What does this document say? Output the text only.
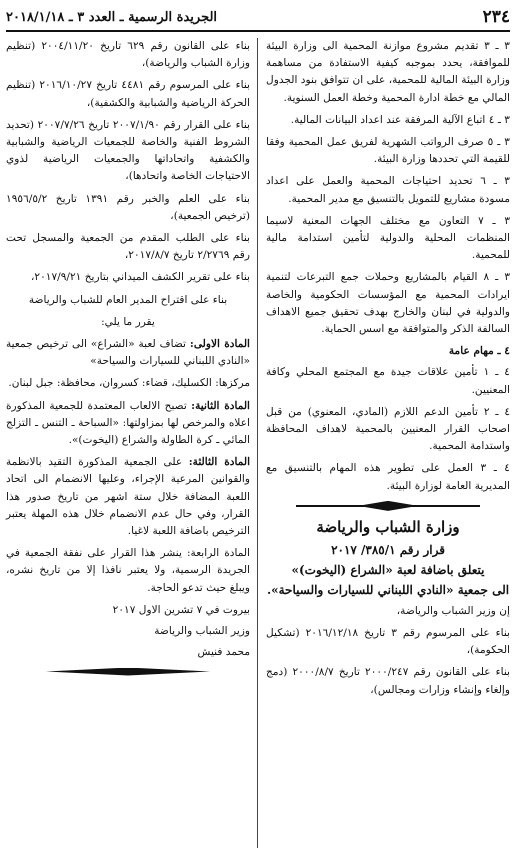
٢٣٤
الجريدة الرسمية ـ العدد ٣ ـ ٢٠١٨/١/١٨

٣ ـ ٣ تقديم مشروع موازنة المحمية الى وزارة البيئة للموافقة، يحدد بموجبه كيفية الاستفادة من مساهمة وزارة البيئة المالية للمحمية، على ان تتوافق بنود الجدول المالي مع خطة ادارة المحمية وخطة العمل السنوية.

٣ ـ ٤ اتباع الآلية المرفقة عند اعداد البيانات المالية.

٣ ـ ٥ صرف الرواتب الشهرية لفريق عمل المحمية وفقا للقيمة التي تحددها وزارة البيئة.

٣ ـ ٦ تحديد احتياجات المحمية والعمل على اعداد مسودة مشاريع للتمويل بالتنسيق مع مدير المحمية.

٣ ـ ٧ التعاون مع مختلف الجهات المعنية لاسيما المنظمات المحلية والدولية لتأمين استدامة مالية للمحمية.

٣ ـ ٨ القيام بالمشاريع وحملات جمع التبرعات لتنمية ايرادات المحمية مع المؤسسات الحكومية والخاصة والدولية في لبنان والخارج بهدف تحقيق جميع الاهداف السالفة الذكر والمتوافقة مع اسس الحماية.

٤ ـ مهام عامة

٤ ـ ١ تأمين علاقات جيدة مع المجتمع المحلي وكافة المعنيين.

٤ ـ ٢ تأمين الدعم اللازم (المادي، المعنوي) من قبل اصحاب القرار المعنيين بالمحمية لاهداف المحافظة واستدامة المحمية.

٤ ـ ٣ العمل على تطوير هذه المهام بالتنسيق مع المديرية العامة لوزارة البيئة.

وزارة الشباب والرياضة
قرار رقم ٣٨٥/١/ ٢٠١٧
يتعلق باضافة لعبة «الشراع (اليخوت)»
الى جمعية «النادي اللبناني للسيارات والسياحة».

إن وزير الشباب والرياضة،

بناء على المرسوم رقم ٣ تاريخ ٢٠١٦/١٢/١٨ (تشكيل الحكومة)،

بناء على القانون رقم ٢٠٠٠/٢٤٧ تاريخ ٢٠٠٠/٨/٧ (دمج وإلغاء وإنشاء وزارات ومجالس)،

بناء على القانون رقم ٦٢٩ تاريخ ٢٠٠٤/١١/٢٠ (تنظيم وزارة الشباب والرياضة)،

بناء على المرسوم رقم ٤٤٨١ تاريخ ٢٠١٦/١٠/٢٧ (تنظيم الحركة الرياضية والشبابية والكشفية)،

بناء على القرار رقم ٢٠٠٧/١/٩٠ تاريخ ٢٠٠٧/٧/٢٦ (تحديد الشروط الفنية والخاصة للجمعيات الرياضية والشبابية والكشفية واتحاداتها والجمعيات الرياضية لذوي الاحتياجات الخاصة واتحادها)،

بناء على العلم والخبر رقم ١٣٩١ تاريخ ١٩٥٦/٥/٢ (ترخيص الجمعية)،

بناء على الطلب المقدم من الجمعية والمسجل تحت رقم ٢/٢٧٦٩ تاريخ ٢٠١٧/٨/٧،

بناء على تقرير الكشف الميداني بتاريخ ٢٠١٧/٩/٢١،

بناء على اقتراح المدير العام للشباب والرياضة

يقرر ما يلي:

المادة الاولى: تضاف لعبة «الشراع» الى ترخيص جمعية «النادي اللبناني للسيارات والسياحة»

مركزها: الكسليك، قضاء: كسروان، محافظة: جبل لبنان.

المادة الثانية: تصبح الالعاب المعتمدة للجمعية المذكورة اعلاه والمرخص لها بمزاولتها: «السباحة ـ التنس ـ التزلج المائي ـ كرة الطاولة والشراع (اليخوت)».

المادة الثالثة: على الجمعية المذكورة التقيد بالانظمة والقوانين المرعية الإجراء، وعليها الانضمام الى اتحاد اللعبة المضافة خلال ستة اشهر من تاريخ صدور هذا القرار، وفي حال عدم الانضمام خلال هذه المهلة يعتبر الترخيص باضافة اللعبة لاغيا.

المادة الرابعة: ينشر هذا القرار على نفقة الجمعية في الجريدة الرسمية، ولا يعتبر نافذا إلا من تاريخ نشره، ويبلغ حيث تدعو الحاجة.

بيروت في ٧ تشرين الاول ٢٠١٧

وزير الشباب والرياضة

محمد فنيش
